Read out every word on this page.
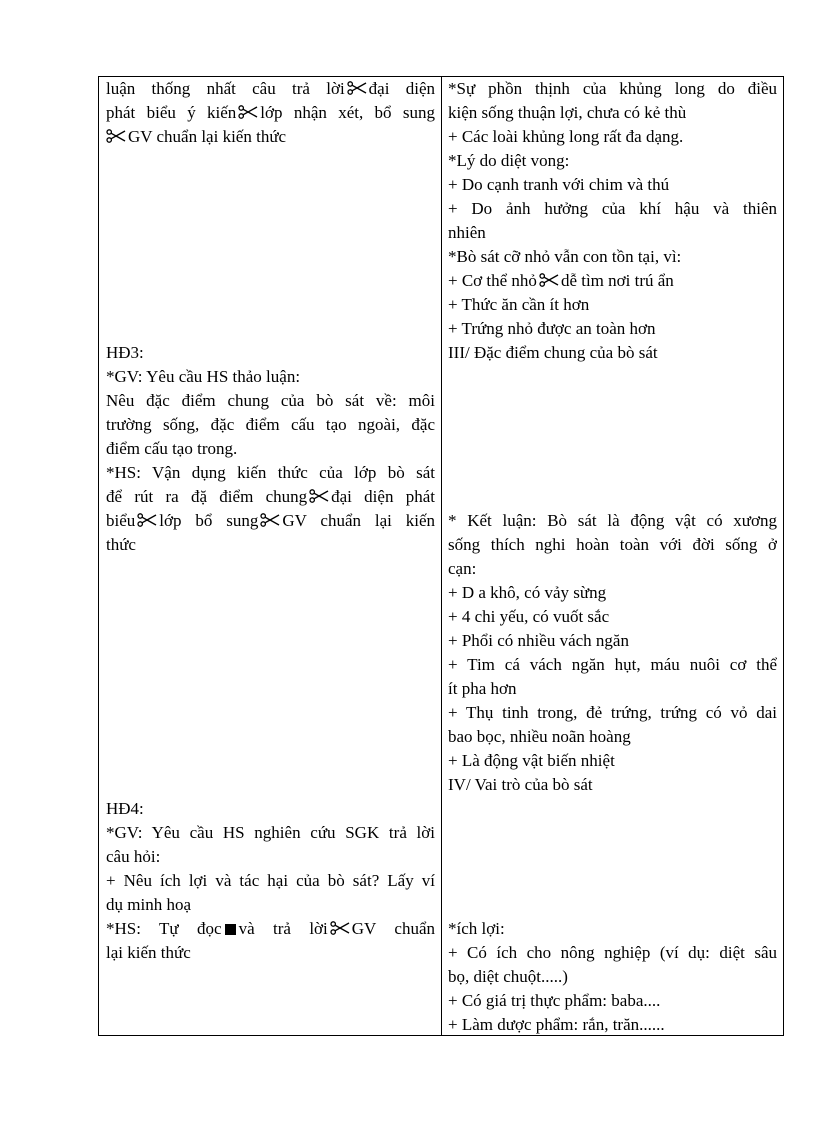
luận thống nhất câu trả lời đại diện
phát biểu ý kiến lớp nhận xét, bổ sung
GV chuẩn lại kiến thức
HĐ3:
*GV: Yêu cầu HS thảo luận:
Nêu đặc điểm chung của bò sát về: môi
trường sống, đặc điểm cấu tạo ngoài, đặc
điểm cấu tạo trong.
*HS: Vận dụng kiến thức của lớp bò sát
để rút ra đặ điểm chung đại diện phát
biểu lớp bổ sung GV chuẩn lại kiến
thức
HĐ4:
*GV: Yêu cầu HS nghiên cứu SGK trả lời
câu hỏi:
+ Nêu ích lợi và tác hại của bò sát? Lấy ví
dụ minh hoạ
*HS: Tự đọc và trả lời GV chuẩn
lại kiến thức
*Sự phồn thịnh của khủng long do điều
kiện sống thuận lợi, chưa có kẻ thù
+ Các loài khủng long rất đa dạng.
*Lý do diệt vong:
+ Do cạnh tranh với chim và thú
+ Do ảnh hưởng của khí hậu và thiên
nhiên
*Bò sát cỡ nhỏ vẫn con tồn tại, vì:
+ Cơ thể nhỏ dễ tìm nơi trú ẩn
+ Thức ăn cần ít hơn
+ Trứng nhỏ được an toàn hơn
III/ Đặc điểm chung của bò sát
* Kết luận: Bò sát là động vật có xương
sống thích nghi hoàn toàn với đời sống ở
cạn:
+ D a khô, có vảy sừng
+ 4 chi yếu, có vuốt sắc
+ Phổi có nhiều vách ngăn
+ Tim cá vách ngăn hụt, máu nuôi cơ thể
ít pha hơn
+ Thụ tinh trong, đẻ trứng, trứng có vỏ dai
bao bọc, nhiều noãn hoàng
+ Là động vật biến nhiệt
IV/ Vai trò của bò sát
*ích lợi:
+ Có ích cho nông nghiệp (ví dụ: diệt sâu
bọ, diệt chuột.....)
+ Có giá trị thực phẩm: baba....
+ Làm dược phẩm: rắn, trăn......
